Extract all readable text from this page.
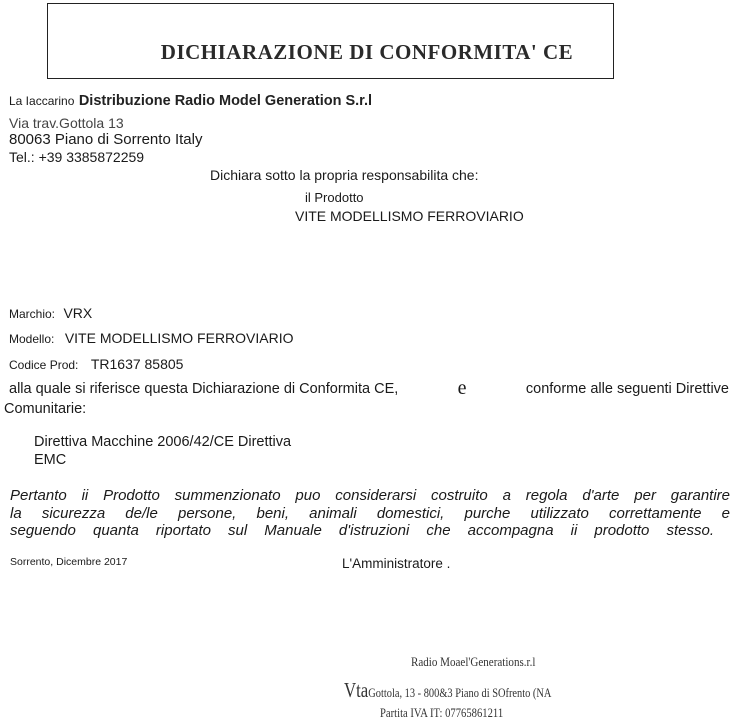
DICHIARAZIONE DI CONFORMITA' CE
La Iaccarino Distribuzione Radio Model Generation S.r.l
Via trav.Gottola 13
80063 Piano di Sorrento Italy
Tel.: +39 3385872259
Dichiara sotto la propria responsabilita che:
il Prodotto
VITE MODELLISMO FERROVIARIO
Marchio: VRX
Modello: VITE MODELLISMO FERROVIARIO
Codice Prod: TR1637 85805
alla quale si riferisce questa Dichiarazione di Conformita CE,	e	conforme alle seguenti Direttive
Comunitarie:
Direttiva Macchine 2006/42/CE Direttiva
EMC
Pertanto ii Prodotto summenzionato puo considerarsi costruito a regola d'arte per garantire
la sicurezza de/le persone, beni, animali domestici, purche utilizzato correttamente e
seguendo quanta riportato sul Manuale d'istruzioni che accompagna ii prodotto stesso.
Sorrento, Dicembre 2017	L'Amministratore .
Radio Moael'Generations.r.l
VtaGottola, 13 - 800&3 Piano di SOfrento (NA
Partita IVA IT: 07765861211
